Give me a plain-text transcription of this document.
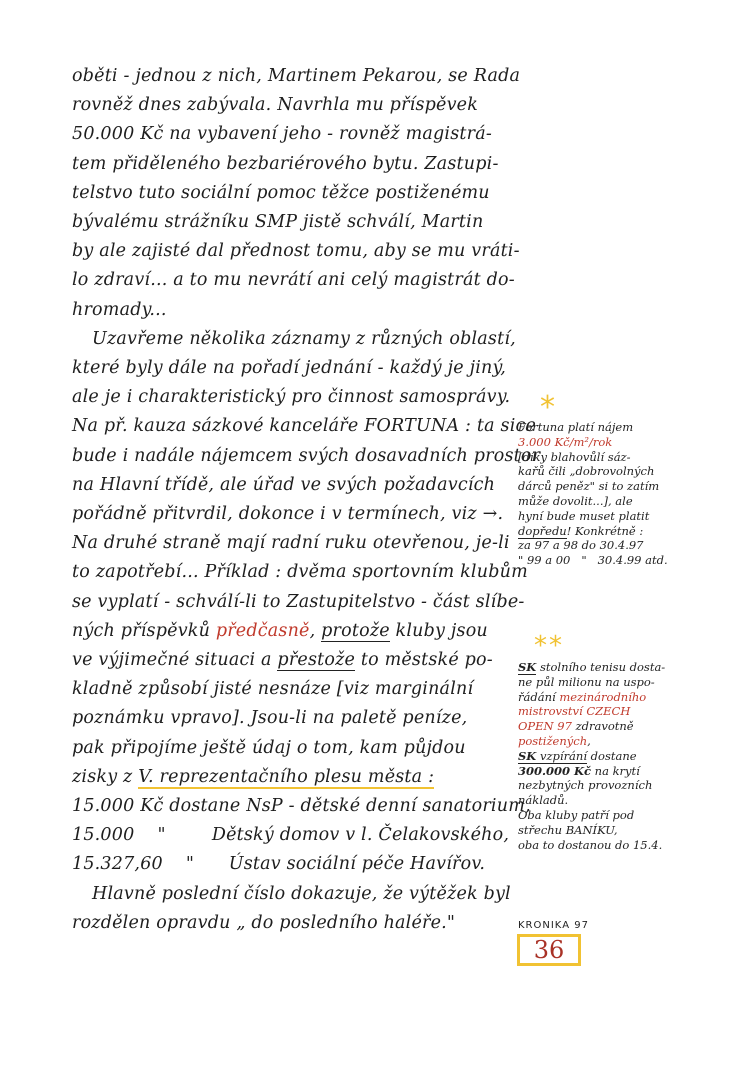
oběti - jednou z nich, Martinem Pekarou, se Rada
rovněž dnes zabývala. Navrhla mu příspěvek
50.000 Kč na vybavení jeho - rovněž magistrá-
tem přiděleného bezbariérového bytu. Zastupi-
telstvo tuto sociální pomoc těžce postiženému
bývalému strážníku SMP jistě schválí, Martin
by ale zajisté dal přednost tomu, aby se mu vráti-
lo zdraví... a to mu nevrátí ani celý magistrát do-
hromady...
Uzavřeme několika záznamy z různých oblastí,
které byly dále na pořadí jednání - každý je jiný,
ale je i charakteristický pro činnost samosprávy.
Na př. kauza sázkové kanceláře FORTUNA : ta sice
bude i nadále nájemcem svých dosavadních prostor
na Hlavní třídě, ale úřad ve svých požadavcích
pořádně přitvrdil, dokonce i v termínech, viz →.
Na druhé straně mají radní ruku otevřenou, je-li
to zapotřebí... Příklad : dvěma sportovním klubům
se vyplatí - schválí-li to Zastupitelstvo - část slíbe-
ných příspěvků předčasně, protože kluby jsou
ve výjimečné situaci a přestože to městské po-
kladně způsobí jisté nesnáze [viz marginální
poznámku vpravo]. Jsou-li na paletě peníze,
pak připojíme ještě údaj o tom, kam půjdou
zisky z V. reprezentačního plesu města :
15.000 Kč dostane NsP - dětské denní sanatorium,
15.000    "        Dětský domov v l. Čelakovského,
15.327,60    "      Ústav sociální péče Havířov.
Hlavně poslední číslo dokazuje, že výtěžek byl
rozdělen opravdu „ do posledního haléře."
*
Fortuna platí nájem
3.000 Kč/m²/rok
[díky blahovůlí sáz-
kařů čili „dobrovolných
dárců peněz" si to zatím
může dovolit...], ale
hyní bude muset platit
dopředu! Konkrétně :
za 97 a 98 do 30.4.97
" 99 a 00   "   30.4.99 atd.
**
SK stolního tenisu dosta-
ne půl milionu na uspo-
řádání mezinárodního
mistrovství CZECH
OPEN 97 zdravotně
postižených,
SK vzpírání dostane
300.000 Kč na krytí
nezbytných provozních
nákladů.
Oba kluby patří pod
střechu BANÍKU,
oba to dostanou do 15.4.
KRONIKA 97
36
